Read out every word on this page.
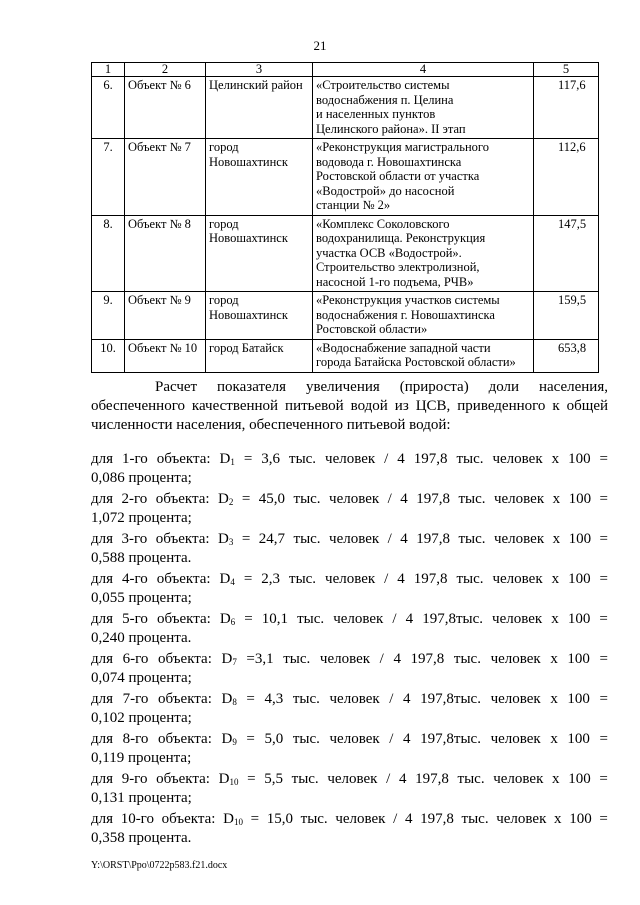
21
1	2	3	4	5
6.	Объект № 6	Целинский район	«Строительство системы
водоснабжения п. Целина
и населенных пунктов
Целинского района». II этап	117,6
7.	Объект № 7	город
Новошахтинск	«Реконструкция магистрального
водовода г. Новошахтинска
Ростовской области от участка
«Водострой» до насосной
станции № 2»	112,6
8.	Объект № 8	город
Новошахтинск	«Комплекс Соколовского
водохранилища. Реконструкция
участка ОСВ «Водострой».
Строительство электролизной,
насосной 1-го подъема, РЧВ»	147,5
9.	Объект № 9	город
Новошахтинск	«Реконструкция участков системы
водоснабжения г. Новошахтинска
Ростовской области»	159,5
10.	Объект № 10	город Батайск	«Водоснабжение западной части
города Батайска Ростовской области»	653,8
Расчет показателя увеличения (прироста) доли населения, обеспеченного качественной питьевой водой из ЦСВ, приведенного к общей численности населения, обеспеченного питьевой водой:
для 1-го объекта: $D_1 = 3,6$ тыс. человек / 4 197,8 тыс. человек x 100 =
0,086 процента;
для 2-го объекта: $D_2 = 45,0$ тыс. человек / 4 197,8 тыс. человек x 100 =
1,072 процента;
для 3-го объекта: $D_3 = 24,7$ тыс. человек / 4 197,8 тыс. человек x 100 =
0,588 процента.
для 4-го объекта: $D_4 = 2,3$ тыс. человек / 4 197,8 тыс. человек x 100 =
0,055 процента;
для 5-го объекта: $D_6 = 10,1$ тыс. человек / 4 197,8тыс. человек x 100 =
0,240 процента.
для 6-го объекта: $D_7 =3,1$ тыс. человек / 4 197,8 тыс. человек x 100 =
0,074 процента;
для 7-го объекта: $D_8 = 4,3$ тыс. человек / 4 197,8тыс. человек x 100 =
0,102 процента;
для 8-го объекта: $D_9 = 5,0$ тыс. человек / 4 197,8тыс. человек x 100 =
0,119 процента;
для 9-го объекта: $D_{10} = 5,5$ тыс. человек / 4 197,8 тыс. человек x 100 =
0,131 процента;
для 10-го объекта: $D_{10} = 15,0$ тыс. человек / 4 197,8 тыс. человек x 100 =
0,358 процента.
Y:\ORST\Ppo\0722p583.f21.docx
